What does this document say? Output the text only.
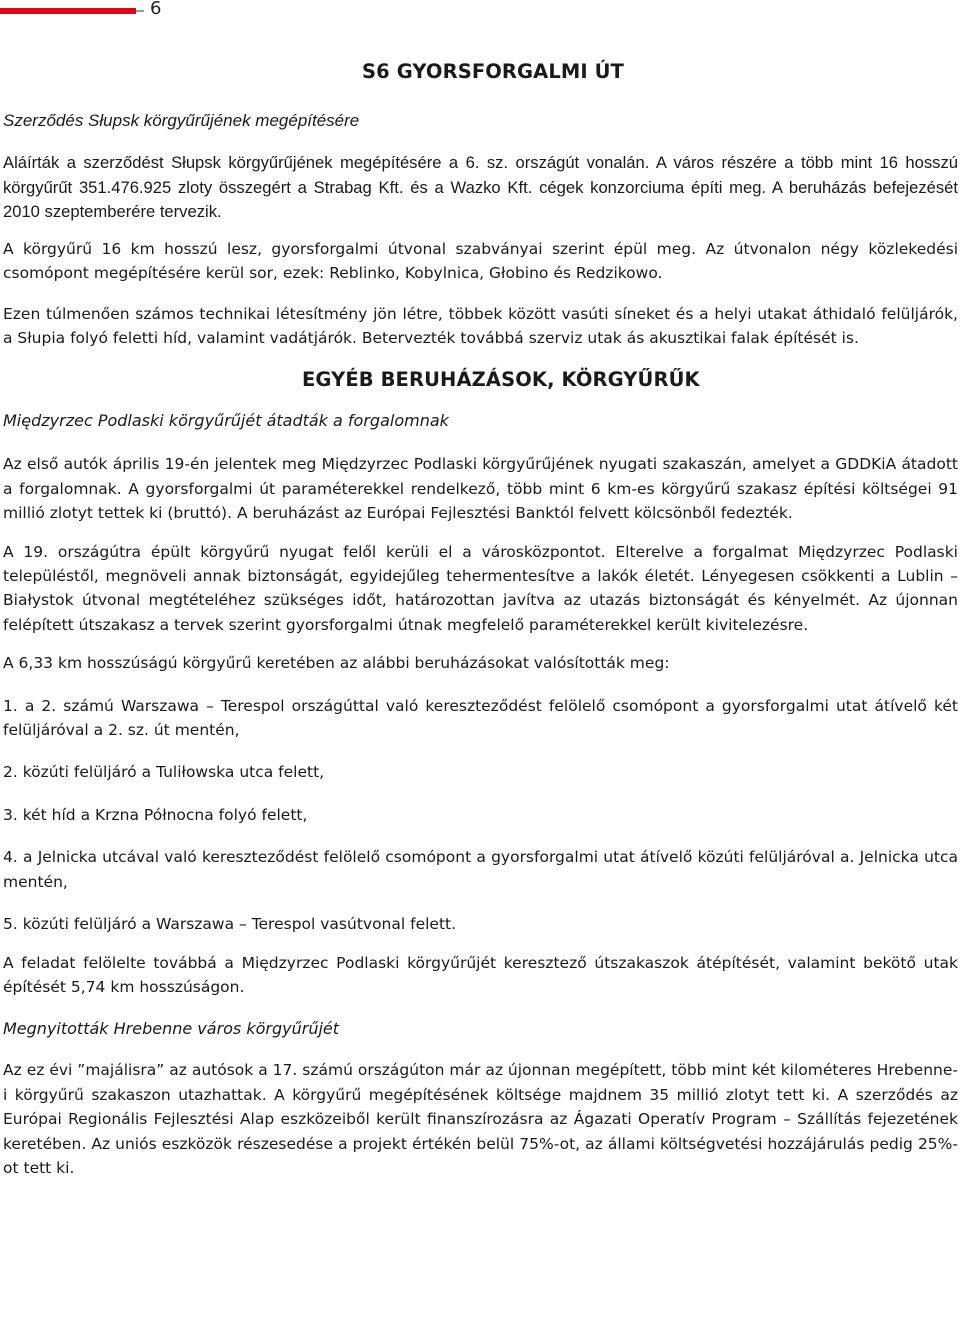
6
S6 GYORSFORGALMI ÚT
Szerződés Słupsk körgyűrűjének megépítésére

Aláírták a szerződést Słupsk körgyűrűjének megépítésére a 6. sz. országút vonalán. A város részére a több mint 16 hosszú körgyűrűt 351.476.925 zloty összegért a Strabag Kft. és a Wazko Kft. cégek konzorciuma építi meg. A beruházás befejezését 2010 szeptemberére tervezik.

A körgyűrű 16 km hosszú lesz, gyorsforgalmi útvonal szabványai szerint épül meg. Az útvonalon négy közlekedési csomópont megépítésére kerül sor, ezek: Reblinko, Kobylnica, Głobino és Redzikowo.

Ezen túlmenően számos technikai létesítmény jön létre, többek között vasúti síneket és a helyi utakat áthidaló felüljárók, a Słupia folyó feletti híd, valamint vadátjárók. Betervezték továbbá szerviz utak ás akusztikai falak építését is.

EGYÉB BERUHÁZÁSOK, KÖRGYŰRŰK
Międzyrzec Podlaski körgyűrűjét átadták a forgalomnak

Az első autók április 19-én jelentek meg Międzyrzec Podlaski körgyűrűjének nyugati szakaszán, amelyet a GDDKiA átadott a forgalomnak. A gyorsforgalmi út paraméterekkel rendelkező, több mint 6 km-es körgyűrű szakasz építési költségei 91 millió zlotyt tettek ki (bruttó). A beruházást az Európai Fejlesztési Banktól felvett kölcsönből fedezték.

A 19. országútra épült körgyűrű nyugat felől kerüli el a városközpontot. Elterelve a forgalmat Międzyrzec Podlaski településtől, megnöveli annak biztonságát, egyidejűleg tehermentesítve a lakók életét. Lényegesen csökkenti a Lublin – Białystok útvonal megtételéhez szükséges időt, határozottan javítva az utazás biztonságát és kényelmét. Az újonnan felépített útszakasz a tervek szerint gyorsforgalmi útnak megfelelő paraméterekkel került kivitelezésre.

A 6,33 km hosszúságú körgyűrű keretében az alábbi beruházásokat valósították meg:

1. a 2. számú Warszawa – Terespol országúttal való kereszteződést felölelő csomópont a gyorsforgalmi utat átívelő két felüljáróval a 2. sz. út mentén,

2. közúti felüljáró a Tuliłowska utca felett,

3. két híd a Krzna Północna folyó felett,

4. a Jelnicka utcával való kereszteződést felölelő csomópont a gyorsforgalmi utat átívelő közúti felüljáróval a. Jelnicka utca mentén,

5. közúti felüljáró a Warszawa – Terespol vasútvonal felett.

A feladat felölelte továbbá a Międzyrzec Podlaski körgyűrűjét keresztező útszakaszok átépítését, valamint bekötő utak építését 5,74 km hosszúságon.

Megnyitották Hrebenne város körgyűrűjét

Az ez évi ”majálisra” az autósok a 17. számú országúton már az újonnan megépített, több mint két kilométeres Hrebenne-i körgyűrű szakaszon utazhattak. A körgyűrű megépítésének költsége majdnem 35 millió zlotyt tett ki. A szerződés az Európai Regionális Fejlesztési Alap eszközeiből került finanszírozásra az Ágazati Operatív Program – Szállítás fejezetének keretében. Az uniós eszközök részesedése a projekt értékén belül 75%-ot, az állami költségvetési hozzájárulás pedig 25%-ot tett ki.
